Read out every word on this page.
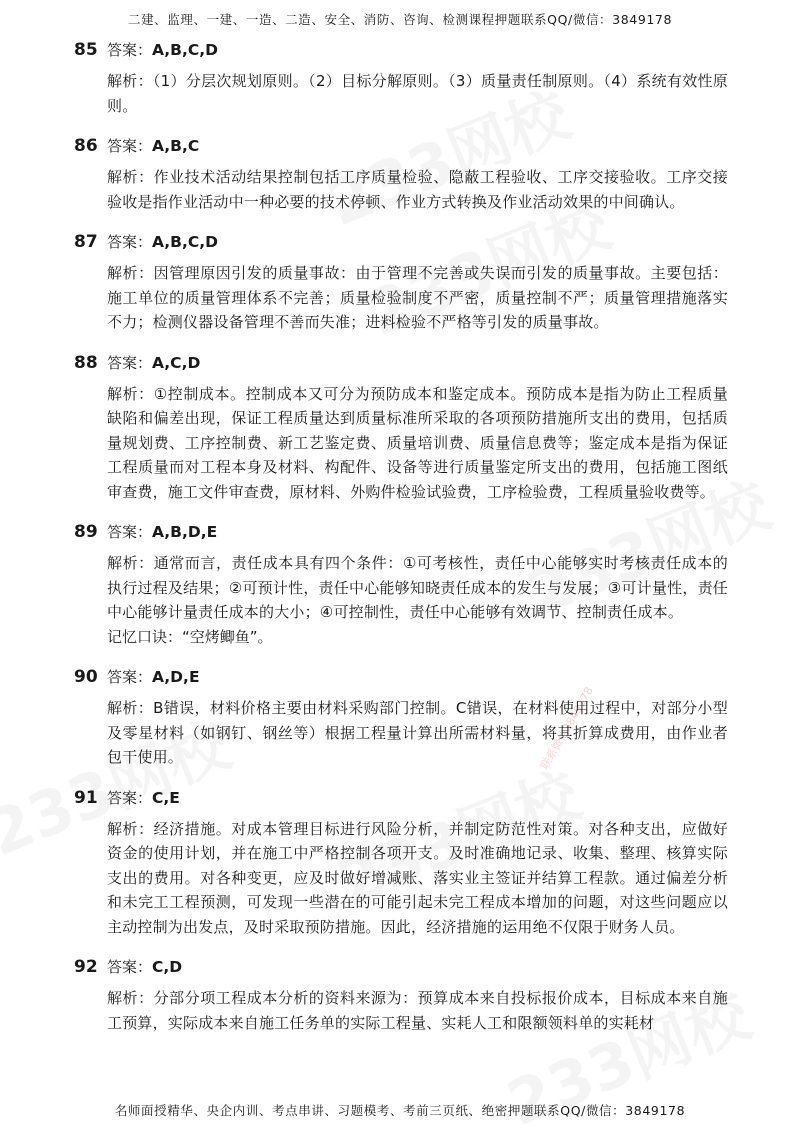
联系微信3849178
二建、监理、一建、一造、二造、安全、消防、咨询、检测课程押题联系QQ/微信：3849178
85 答案：A,B,C,D
解析：（1）分层次规划原则。（2）目标分解原则。（3）质量责任制原则。（4）系统有效性原则。
86 答案：A,B,C
解析：作业技术活动结果控制包括工序质量检验、隐蔽工程验收、工序交接验收。工序交接验收是指作业活动中一种必要的技术停顿、作业方式转换及作业活动效果的中间确认。
87 答案：A,B,C,D
解析：因管理原因引发的质量事故：由于管理不完善或失误而引发的质量事故。主要包括：施工单位的质量管理体系不完善；质量检验制度不严密，质量控制不严；质量管理措施落实不力；检测仪器设备管理不善而失准；进料检验不严格等引发的质量事故。
88 答案：A,C,D
解析：①控制成本。控制成本又可分为预防成本和鉴定成本。预防成本是指为防止工程质量缺陷和偏差出现，保证工程质量达到质量标准所采取的各项预防措施所支出的费用，包括质量规划费、工序控制费、新工艺鉴定费、质量培训费、质量信息费等；鉴定成本是指为保证工程质量而对工程本身及材料、构配件、设备等进行质量鉴定所支出的费用，包括施工图纸审查费，施工文件审查费，原材料、外购件检验试验费，工序检验费，工程质量验收费等。
89 答案：A,B,D,E
解析：通常而言，责任成本具有四个条件：①可考核性，责任中心能够实时考核责任成本的执行过程及结果；②可预计性，责任中心能够知晓责任成本的发生与发展；③可计量性，责任中心能够计量责任成本的大小；④可控制性，责任中心能够有效调节、控制责任成本。
记忆口诀：“空烤鲫鱼”。
90 答案：A,D,E
解析：B错误，材料价格主要由材料采购部门控制。C错误，在材料使用过程中，对部分小型及零星材料（如钢钉、钢丝等）根据工程量计算出所需材料量，将其折算成费用，由作业者包干使用。
91 答案：C,E
解析：经济措施。对成本管理目标进行风险分析，并制定防范性对策。对各种支出，应做好资金的使用计划，并在施工中严格控制各项开支。及时准确地记录、收集、整理、核算实际支出的费用。对各种变更，应及时做好增减账、落实业主签证并结算工程款。通过偏差分析和未完工工程预测，可发现一些潜在的可能引起未完工程成本增加的问题，对这些问题应以主动控制为出发点，及时采取预防措施。因此，经济措施的运用绝不仅限于财务人员。
92 答案：C,D
解析：分部分项工程成本分析的资料来源为：预算成本来自投标报价成本，目标成本来自施工预算，实际成本来自施工任务单的实际工程量、实耗人工和限额领料单的实耗材
名师面授精华、央企内训、考点串讲、习题模考、考前三页纸、绝密押题联系QQ/微信：3849178
